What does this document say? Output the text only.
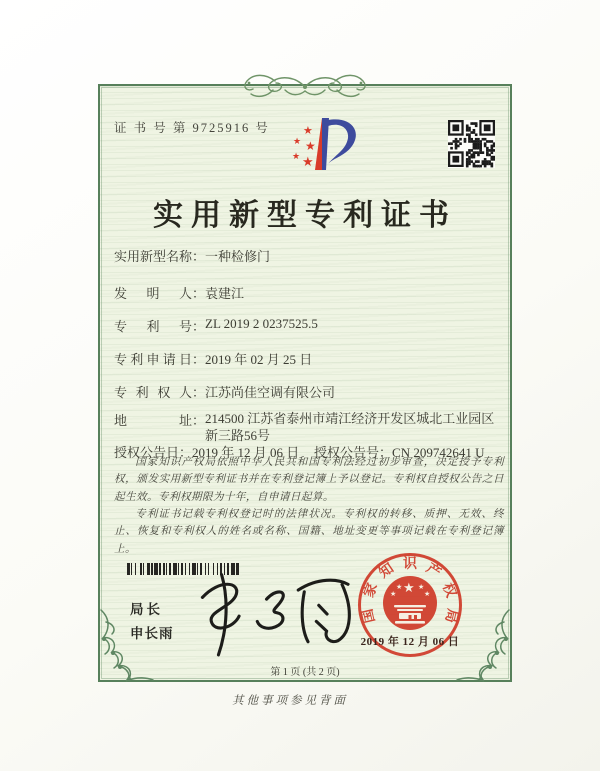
证 书 号 第 9725916 号	★
★ ★
★ ★
实用新型专利证书
实用新型名称 ： 一种检修门
发明人 ： 袁建江
专利号 ： ZL 2019 2 0237525.5
专利申请日 ： 2019 年 02 月 25 日
专利权人 ： 江苏尚佳空调有限公司
地址 ： 214500 江苏省泰州市靖江经济开发区城北工业园区新三路56号
授权公告日：2019 年 12 月 06 日 授权公告号：CN 209742641 U

国家知识产权局依照中华人民共和国专利法经过初步审查，决定授予专利权，颁发实用新型专利证书并在专利登记簿上予以登记。专利权自授权公告之日起生效。专利权期限为十年，自申请日起算。

专利证书记载专利权登记时的法律状况。专利权的转移、质押、无效、终止、恢复和专利权人的姓名或名称、国籍、地址变更等事项记载在专利登记簿上。

局长
申长雨
国
家
知 识 产
权
局
★
★
★ ★
★
2019 年 12 月 06 日
第 1 页 (共 2 页)
其他事项参见背面
